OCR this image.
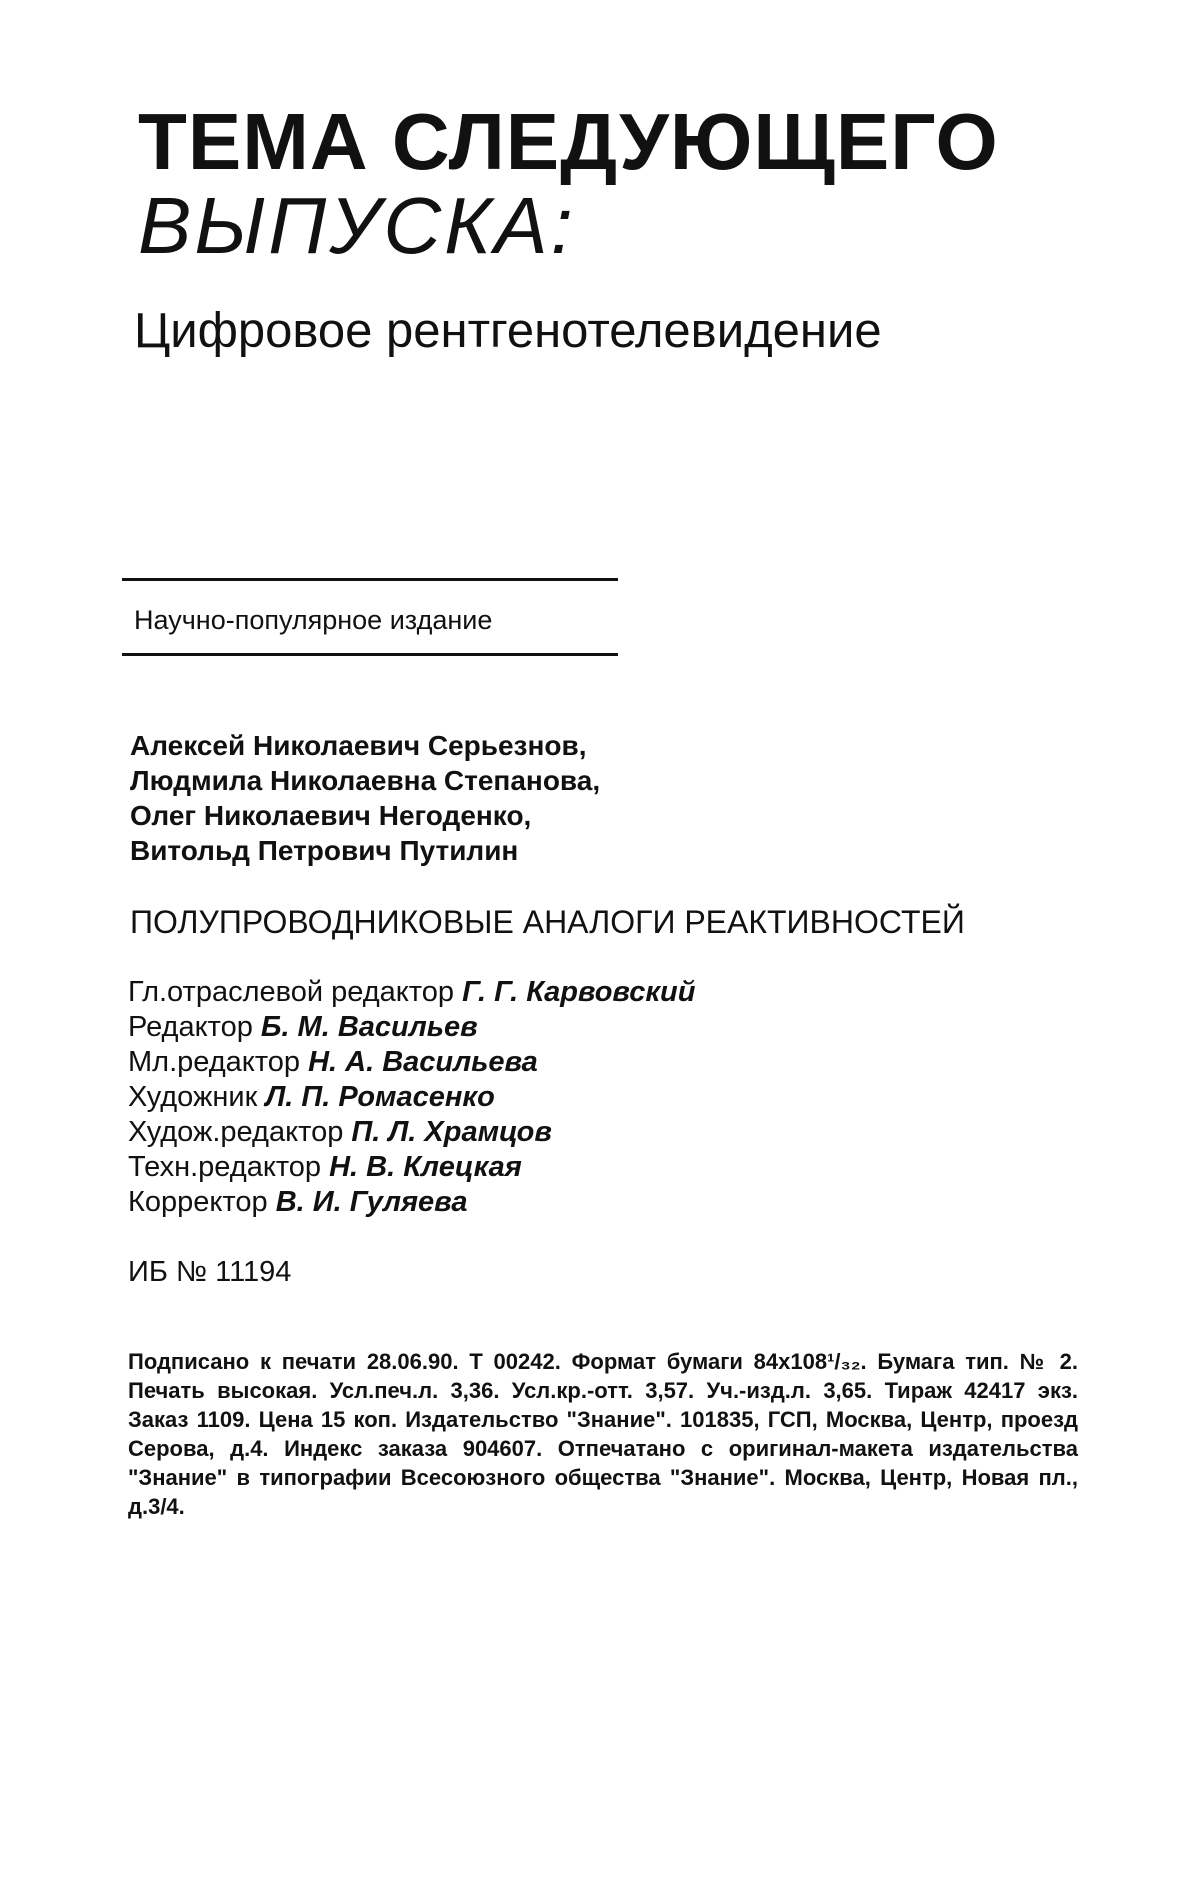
ТЕМА СЛЕДУЮЩЕГО
ВЫПУСКА:
Цифровое рентгенотелевидение
Научно-популярное издание
Алексей Николаевич Серьезнов,
Людмила Николаевна Степанова,
Олег Николаевич Негоденко,
Витольд Петрович Путилин
ПОЛУПРОВОДНИКОВЫЕ АНАЛОГИ РЕАКТИВНОСТЕЙ
Гл.отраслевой редактор Г. Г. Карвовский
Редактор Б. М. Васильев
Мл.редактор Н. А. Васильева
Художник Л. П. Ромасенко
Худож.редактор П. Л. Храмцов
Техн.редактор Н. В. Клецкая
Корректор В. И. Гуляева
ИБ № 11194

Подписано к печати 28.06.90. Т 00242. Формат бумаги 84х108¹/₃₂. Бумага тип. № 2. Печать высокая. Усл.печ.л. 3,36. Усл.кр.-отт. 3,57. Уч.-изд.л. 3,65. Тираж 42417 экз. Заказ 1109. Цена 15 коп. Издательство "Знание". 101835, ГСП, Москва, Центр, проезд Серова, д.4. Индекс заказа 904607. Отпечатано с оригинал-макета издательства "Знание" в типографии Всесоюзного общества "Знание". Москва, Центр, Новая пл., д.3/4.
